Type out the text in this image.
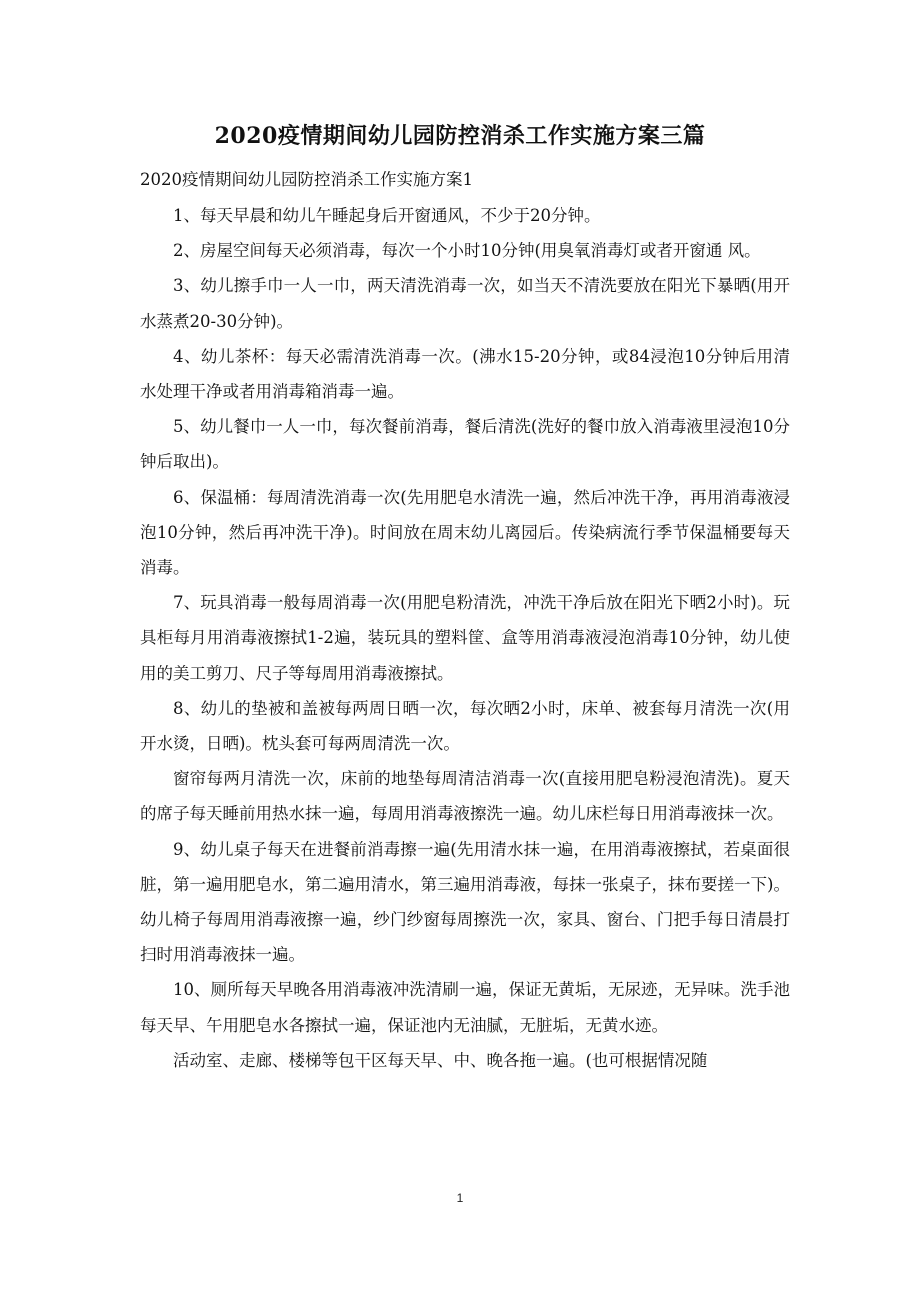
2020疫情期间幼儿园防控消杀工作实施方案三篇
2020疫情期间幼儿园防控消杀工作实施方案1

1、每天早晨和幼儿午睡起身后开窗通风，不少于20分钟。

2、房屋空间每天必须消毒，每次一个小时10分钟(用臭氧消毒灯或者开窗通 风。

3、幼儿擦手巾一人一巾，两天清洗消毒一次，如当天不清洗要放在阳光下暴晒(用开水蒸煮20-30分钟)。

4、幼儿茶杯：每天必需清洗消毒一次。(沸水15-20分钟，或84浸泡10分钟后用清水处理干净或者用消毒箱消毒一遍。

5、幼儿餐巾一人一巾，每次餐前消毒，餐后清洗(洗好的餐巾放入消毒液里浸泡10分钟后取出)。

6、保温桶：每周清洗消毒一次(先用肥皂水清洗一遍，然后冲洗干净，再用消毒液浸泡10分钟，然后再冲洗干净)。时间放在周末幼儿离园后。传染病流行季节保温桶要每天消毒。

7、玩具消毒一般每周消毒一次(用肥皂粉清洗，冲洗干净后放在阳光下晒2小时)。玩具柜每月用消毒液擦拭1-2遍，装玩具的塑料筐、盒等用消毒液浸泡消毒10分钟，幼儿使用的美工剪刀、尺子等每周用消毒液擦拭。

8、幼儿的垫被和盖被每两周日晒一次，每次晒2小时，床单、被套每月清洗一次(用开水烫，日晒)。枕头套可每两周清洗一次。

窗帘每两月清洗一次，床前的地垫每周清洁消毒一次(直接用肥皂粉浸泡清洗)。夏天的席子每天睡前用热水抹一遍，每周用消毒液擦洗一遍。幼儿床栏每日用消毒液抹一次。

9、幼儿桌子每天在进餐前消毒擦一遍(先用清水抹一遍，在用消毒液擦拭，若桌面很脏，第一遍用肥皂水，第二遍用清水，第三遍用消毒液，每抹一张桌子，抹布要搓一下)。幼儿椅子每周用消毒液擦一遍，纱门纱窗每周擦洗一次，家具、窗台、门把手每日清晨打扫时用消毒液抹一遍。

10、厕所每天早晚各用消毒液冲洗清刷一遍，保证无黄垢，无尿迹，无异味。洗手池每天早、午用肥皂水各擦拭一遍，保证池内无油腻，无脏垢，无黄水迹。

活动室、走廊、楼梯等包干区每天早、中、晚各拖一遍。(也可根据情况随

1
